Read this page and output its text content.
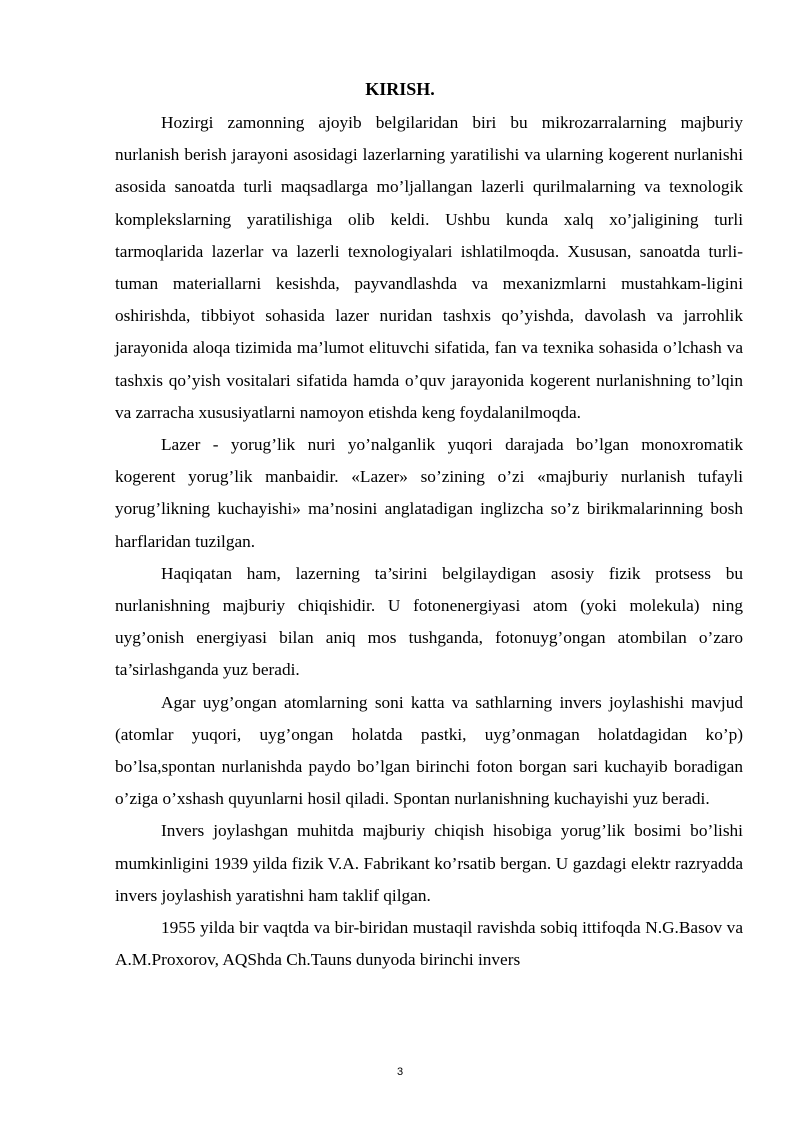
KIRISH.

Hozirgi zamonning ajoyib belgilaridan biri bu mikrozarralarning majburiy nurlanish berish jarayoni asosidagi lazerlarning yaratilishi va ularning kogerent nurlanishi asosida sanoatda turli maqsadlarga mo’ljallangan lazerli qurilmalarning va texnologik komplekslarning yaratilishiga olib keldi. Ushbu kunda xalq xo’jaligining turli tarmoqlarida lazerlar va lazerli texnologiyalari ishlatilmoqda. Xususan, sanoatda turli-tuman materiallarni kesishda, payvandlashda va mexanizmlarni mustahkam-ligini oshirishda, tibbiyot sohasida lazer nuridan tashxis qo’yishda, davolash va jarrohlik jarayonida aloqa tizimida ma’lumot elituvchi sifatida, fan va texnika sohasida o’lchash va tashxis qo’yish vositalari sifatida hamda o’quv jarayonida kogerent nurlanishning to’lqin va zarracha xususiyatlarni namoyon etishda keng foydalanilmoqda.

Lazer - yorug’lik nuri yo’nalganlik yuqori darajada bo’lgan monoxromatik kogerent yorug’lik manbaidir. «Lazer» so’zining o’zi «majburiy nurlanish tufayli yorug’likning kuchayishi» ma’nosini anglatadigan inglizcha so’z birikmalarinning bosh harflaridan tuzilgan.

Haqiqatan ham, lazerning ta’sirini belgilaydigan asosiy fizik protsess bu nurlanishning majburiy chiqishidir. U fotonenergiyasi atom (yoki molekula) ning uyg’onish energiyasi bilan aniq mos tushganda, fotonuyg’ongan atombilan o’zaro ta’sirlashganda yuz beradi.

Agar uyg’ongan atomlarning soni katta va sathlarning invers joylashishi mavjud (atomlar yuqori, uyg’ongan holatda pastki, uyg’onmagan holatdagidan ko’p) bo’lsa,spontan nurlanishda paydo bo’lgan birinchi foton borgan sari kuchayib boradigan o’ziga o’xshash quyunlarni hosil qiladi. Spontan nurlanishning kuchayishi yuz beradi.

Invers joylashgan muhitda majburiy chiqish hisobiga yorug’lik bosimi bo’lishi mumkinligini 1939 yilda fizik V.A. Fabrikant ko’rsatib bergan. U gazdagi elektr razryadda invers joylashish yaratishni ham taklif qilgan.

1955 yilda bir vaqtda va bir-biridan mustaqil ravishda sobiq ittifoqda N.G.Basov va A.M.Proxorov, AQShda Ch.Tauns dunyoda birinchi invers

3
